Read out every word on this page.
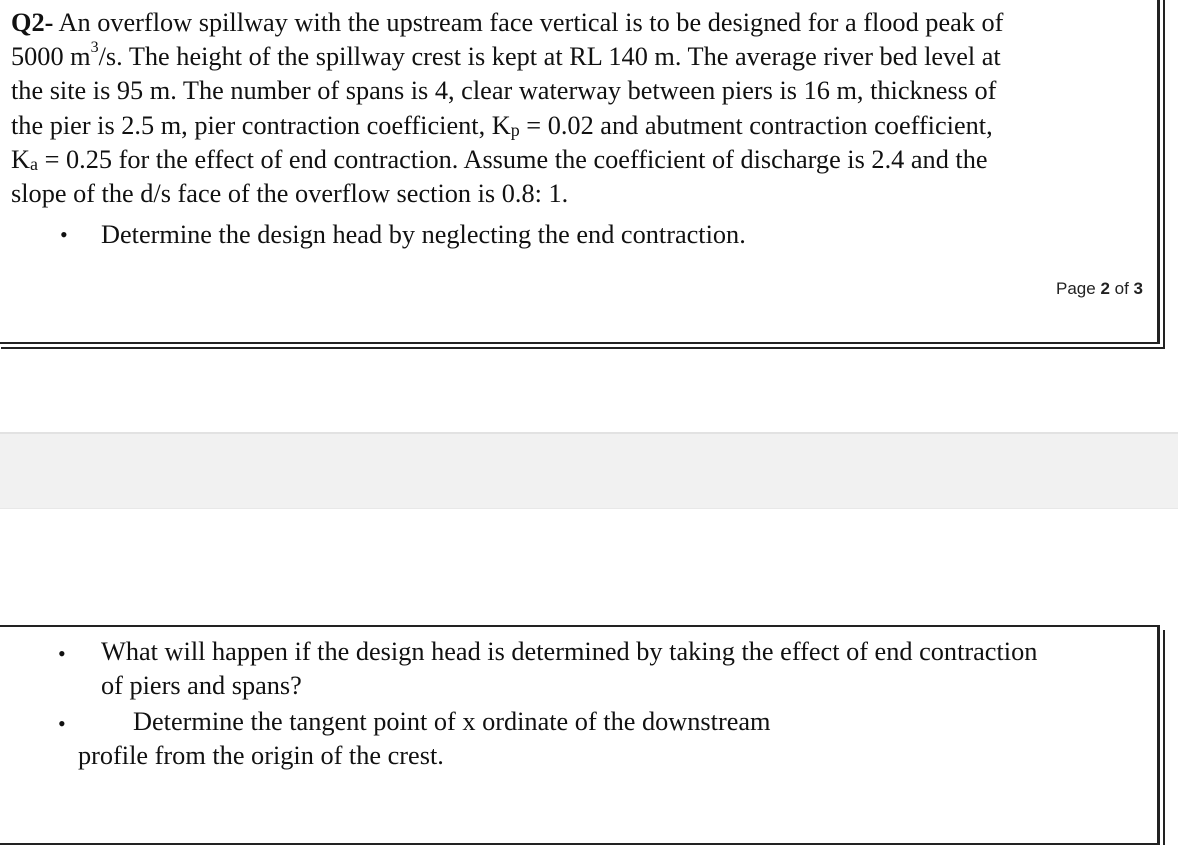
Q2- An overflow spillway with the upstream face vertical is to be designed for a flood peak of
5000 $m^3/s$. The height of the spillway crest is kept at RL 140 m. The average river bed level at
the site is 95 m. The number of spans is 4, clear waterway between piers is 16 m, thickness of
the pier is 2.5 m, pier contraction coefficient, $K_p = 0.02$ and abutment contraction coefficient,
$K_a = 0.25$ for the effect of end contraction. Assume the coefficient of discharge is 2.4 and the
slope of the d/s face of the overflow section is 0.8: 1.
• Determine the design head by neglecting the end contraction.
Page 2 of 3
• What will happen if the design head is determined by taking the effect of end contraction
of piers and spans?
•	Determine the tangent point of x ordinate of the downstream
profile from the origin of the crest.
